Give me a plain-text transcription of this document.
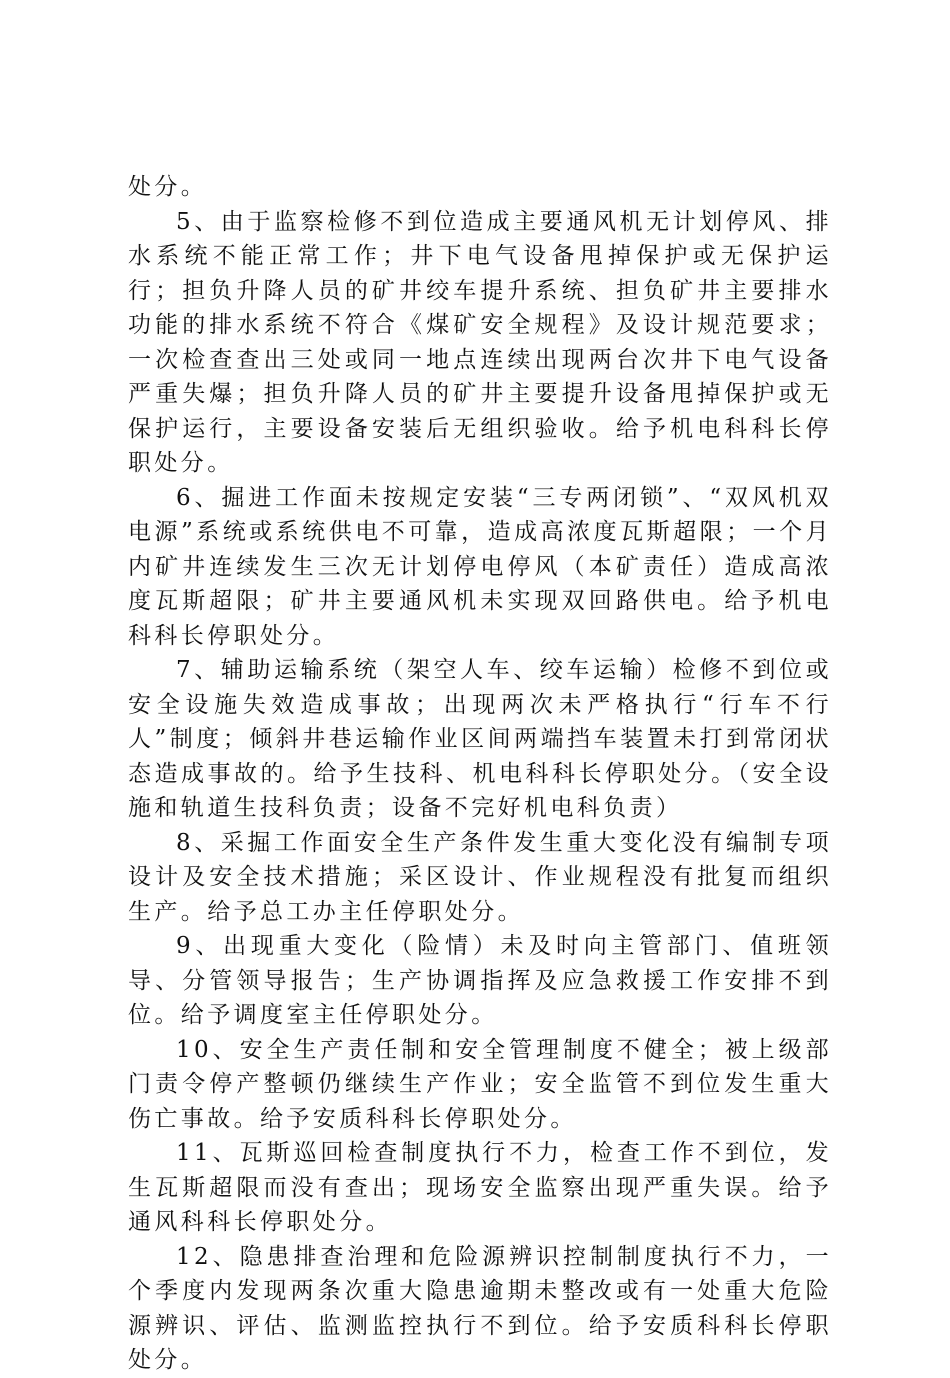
处分。

5、由于监察检修不到位造成主要通风机无计划停风、排水系统不能正常工作；井下电气设备甩掉保护或无保护运行；担负升降人员的矿井绞车提升系统、担负矿井主要排水功能的排水系统不符合《煤矿安全规程》及设计规范要求；一次检查查出三处或同一地点连续出现两台次井下电气设备严重失爆；担负升降人员的矿井主要提升设备甩掉保护或无保护运行，主要设备安装后无组织验收。给予机电科科长停职处分。

6、掘进工作面未按规定安装“三专两闭锁”、“双风机双电源”系统或系统供电不可靠，造成高浓度瓦斯超限；一个月内矿井连续发生三次无计划停电停风（本矿责任）造成高浓度瓦斯超限；矿井主要通风机未实现双回路供电。给予机电科科长停职处分。

7、辅助运输系统（架空人车、绞车运输）检修不到位或安全设施失效造成事故；出现两次未严格执行“行车不行人”制度；倾斜井巷运输作业区间两端挡车装置未打到常闭状态造成事故的。给予生技科、机电科科长停职处分。（安全设施和轨道生技科负责；设备不完好机电科负责）

8、采掘工作面安全生产条件发生重大变化没有编制专项设计及安全技术措施；采区设计、作业规程没有批复而组织生产。给予总工办主任停职处分。

9、出现重大变化（险情）未及时向主管部门、值班领导、分管领导报告；生产协调指挥及应急救援工作安排不到位。给予调度室主任停职处分。

10、安全生产责任制和安全管理制度不健全；被上级部门责令停产整顿仍继续生产作业；安全监管不到位发生重大伤亡事故。给予安质科科长停职处分。

11、瓦斯巡回检查制度执行不力，检查工作不到位，发生瓦斯超限而没有查出；现场安全监察出现严重失误。给予通风科科长停职处分。

12、隐患排查治理和危险源辨识控制制度执行不力，一个季度内发现两条次重大隐患逾期未整改或有一处重大危险源辨识、评估、监测监控执行不到位。给予安质科科长停职处分。
